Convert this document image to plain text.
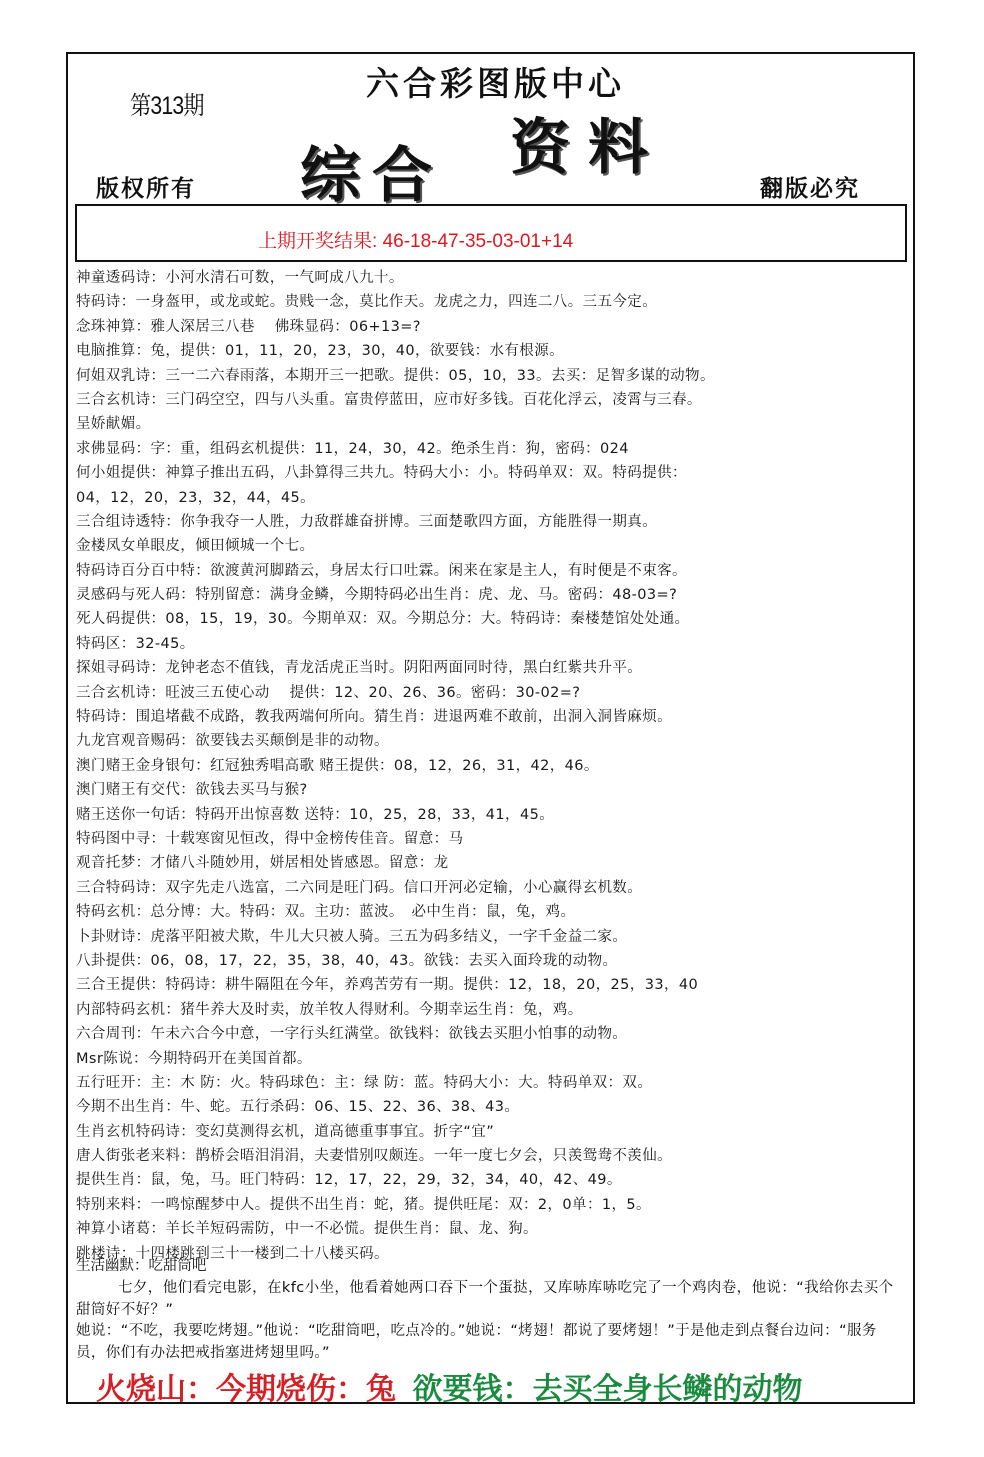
第313期
六合彩图版中心
综合 资料
版权所有	翻版必究
上期开奖结果: 46-18-47-35-03-01+14
神童透码诗：小河水清石可数，一气呵成八九十。
特码诗：一身盔甲，或龙或蛇。贵贱一念，莫比作天。龙虎之力，四连二八。三五今定。
念珠神算：雅人深居三八巷　 佛珠显码：06+13=?
电脑推算：兔，提供：01，11，20，23，30，40，欲要钱：水有根源。
何姐双乳诗：三一二六春雨落，本期开三一把歌。提供：05，10，33。去买：足智多谋的动物。
三合玄机诗：三门码空空，四与八头重。富贵停蓝田，应市好多钱。百花化浮云，凌霄与三春。
呈娇献媚。
求佛显码：字：重，组码玄机提供：11，24，30，42。绝杀生肖：狗，密码：024
何小姐提供：神算子推出五码，八卦算得三共九。特码大小：小。特码单双：双。特码提供：
04，12，20，23，32，44，45。
三合组诗透特：你争我夺一人胜，力敌群雄奋拼博。三面楚歌四方面，方能胜得一期真。
金楼凤女单眼皮，倾田倾城一个七。
特码诗百分百中特：欲渡黄河脚踏云，身居太行口吐霖。闲来在家是主人，有时便是不束客。
灵感码与死人码：特别留意：满身金鳞，今期特码必出生肖：虎、龙、马。密码：48-03=?
死人码提供：08，15，19，30。今期单双：双。今期总分：大。特码诗：秦楼楚馆处处通。
特码区：32-45。
探姐寻码诗：龙钟老态不值钱，青龙活虎正当时。阴阳两面同时待，黑白红紫共升平。
三合玄机诗：旺波三五使心动　 提供：12、20、26、36。密码：30-02=?
特码诗：围追堵截不成路，教我两端何所向。猜生肖：进退两难不敢前，出洞入洞皆麻烦。
九龙宫观音赐码：欲要钱去买颠倒是非的动物。
澳门赌王金身银句：红冠独秀唱高歌 赌王提供：08，12，26，31，42，46。
澳门赌王有交代：欲钱去买马与猴?
赌王送你一句话：特码开出惊喜数 送特：10，25，28，33，41，45。
特码图中寻：十载寒窗见恒改，得中金榜传佳音。留意：马
观音托梦：才储八斗随妙用，姘居相处皆感恩。留意：龙
三合特码诗：双字先走八选富，二六同是旺门码。信口开河必定输，小心赢得玄机数。
特码玄机：总分博：大。特码：双。主功：蓝波。　必中生肖：鼠，兔，鸡。
卜卦财诗：虎落平阳被犬欺，牛儿大只被人骑。三五为码多结义，一字千金益二家。
八卦提供：06，08，17，22，35，38，40，43。欲钱：去买入面玲珑的动物。
三合王提供：特码诗：耕牛隔阻在今年，养鸡苦劳有一期。提供：12，18，20，25，33，40
内部特码玄机：猪牛养大及时卖，放羊牧人得财利。今期幸运生肖：兔，鸡。
六合周刊：午未六合今中意，一字行头红满堂。欲钱料：欲钱去买胆小怕事的动物。
Msr陈说：今期特码开在美国首都。
五行旺开：主：木 防：火。特码球色：主：绿 防：蓝。特码大小：大。特码单双：双。
今期不出生肖：牛、蛇。五行杀码：06、15、22、36、38、43。
生肖玄机特码诗：变幻莫测得玄机，道高德重事事宜。折字“宜”
唐人街张老来料：鹊桥会晤泪涓涓，夫妻惜别叹颇连。一年一度七夕会，只羡鸳鸯不羡仙。
提供生肖：鼠，兔，马。旺门特码：12，17，22，29，32，34，40，42、49。
特别来料：一鸣惊醒梦中人。提供不出生肖：蛇，猪。提供旺尾：双：2，0单：1，5。
神算小诸葛：羊长羊短码需防，中一不必慌。提供生肖：鼠、龙、狗。
跳楼诗：十四楼跳到三十一楼到二十八楼买码。
生活幽默：吃甜筒吧

七夕，他们看完电影，在kfc小坐，他看着她两口吞下一个蛋挞，又库哧库哧吃完了一个鸡肉卷，他说：“我给你去买个甜筒好不好？”

她说：“不吃，我要吃烤翅。”他说：“吃甜筒吧，吃点冷的。”她说：“烤翅！都说了要烤翅！”于是他走到点餐台边问：“服务员，你们有办法把戒指塞进烤翅里吗。”

火烧山：今期烧伤：兔 欲要钱：去买全身长鳞的动物
